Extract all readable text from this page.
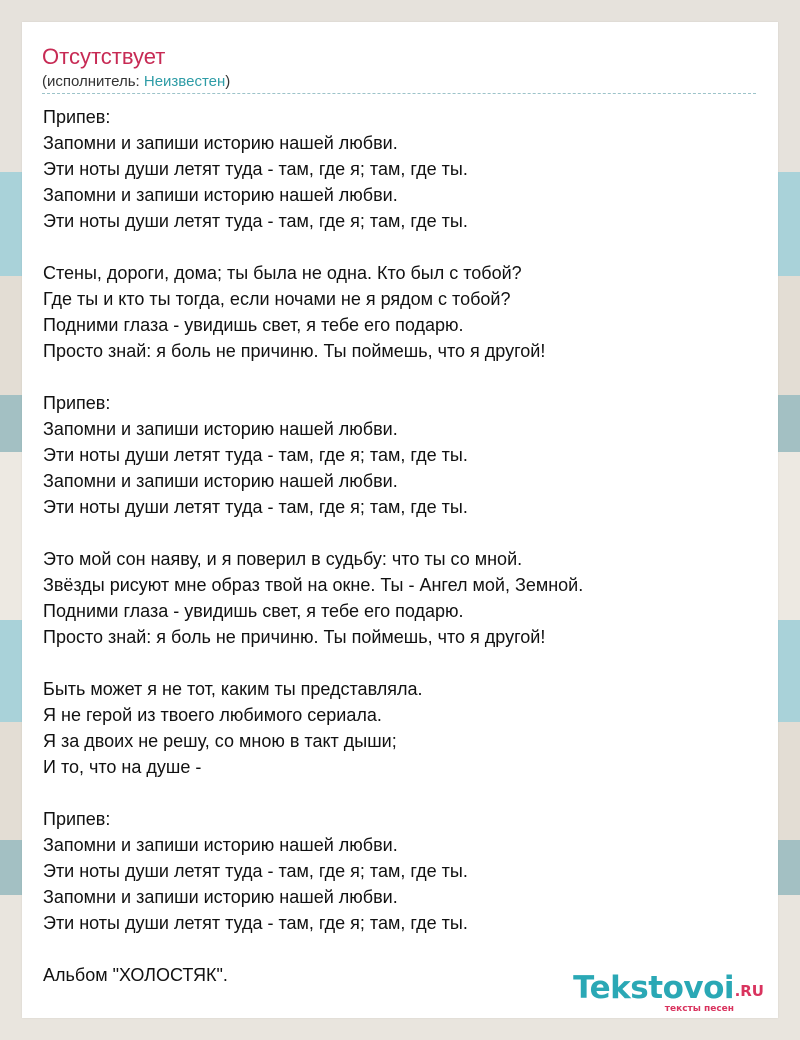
Отсутствует
(исполнитель: Неизвестен)
Припев:
Запомни и запиши историю нашей любви.
Эти ноты души летят туда - там, где я; там, где ты.
Запомни и запиши историю нашей любви.
Эти ноты души летят туда - там, где я; там, где ты.
Стены, дороги, дома; ты была не одна. Кто был с тобой?
Где ты и кто ты тогда, если ночами не я рядом с тобой?
Подними глаза - увидишь свет, я тебе его подарю.
Просто знай: я боль не причиню. Ты поймешь, что я другой!
Припев:
Запомни и запиши историю нашей любви.
Эти ноты души летят туда - там, где я; там, где ты.
Запомни и запиши историю нашей любви.
Эти ноты души летят туда - там, где я; там, где ты.
Это мой сон наяву, и я поверил в судьбу: что ты со мной.
Звёзды рисуют мне образ твой на окне. Ты - Ангел мой, Земной.
Подними глаза - увидишь свет, я тебе его подарю.
Просто знай: я боль не причиню. Ты поймешь, что я другой!
Быть может я не тот, каким ты представляла.
Я не герой из твоего любимого сериала.
Я за двоих не решу, со мною в такт дыши;
И то, что на душе -
Припев:
Запомни и запиши историю нашей любви.
Эти ноты души летят туда - там, где я; там, где ты.
Запомни и запиши историю нашей любви.
Эти ноты души летят туда - там, где я; там, где ты.
Альбом "ХОЛОСТЯК".	Tekstovoi .RU
тексты песен
